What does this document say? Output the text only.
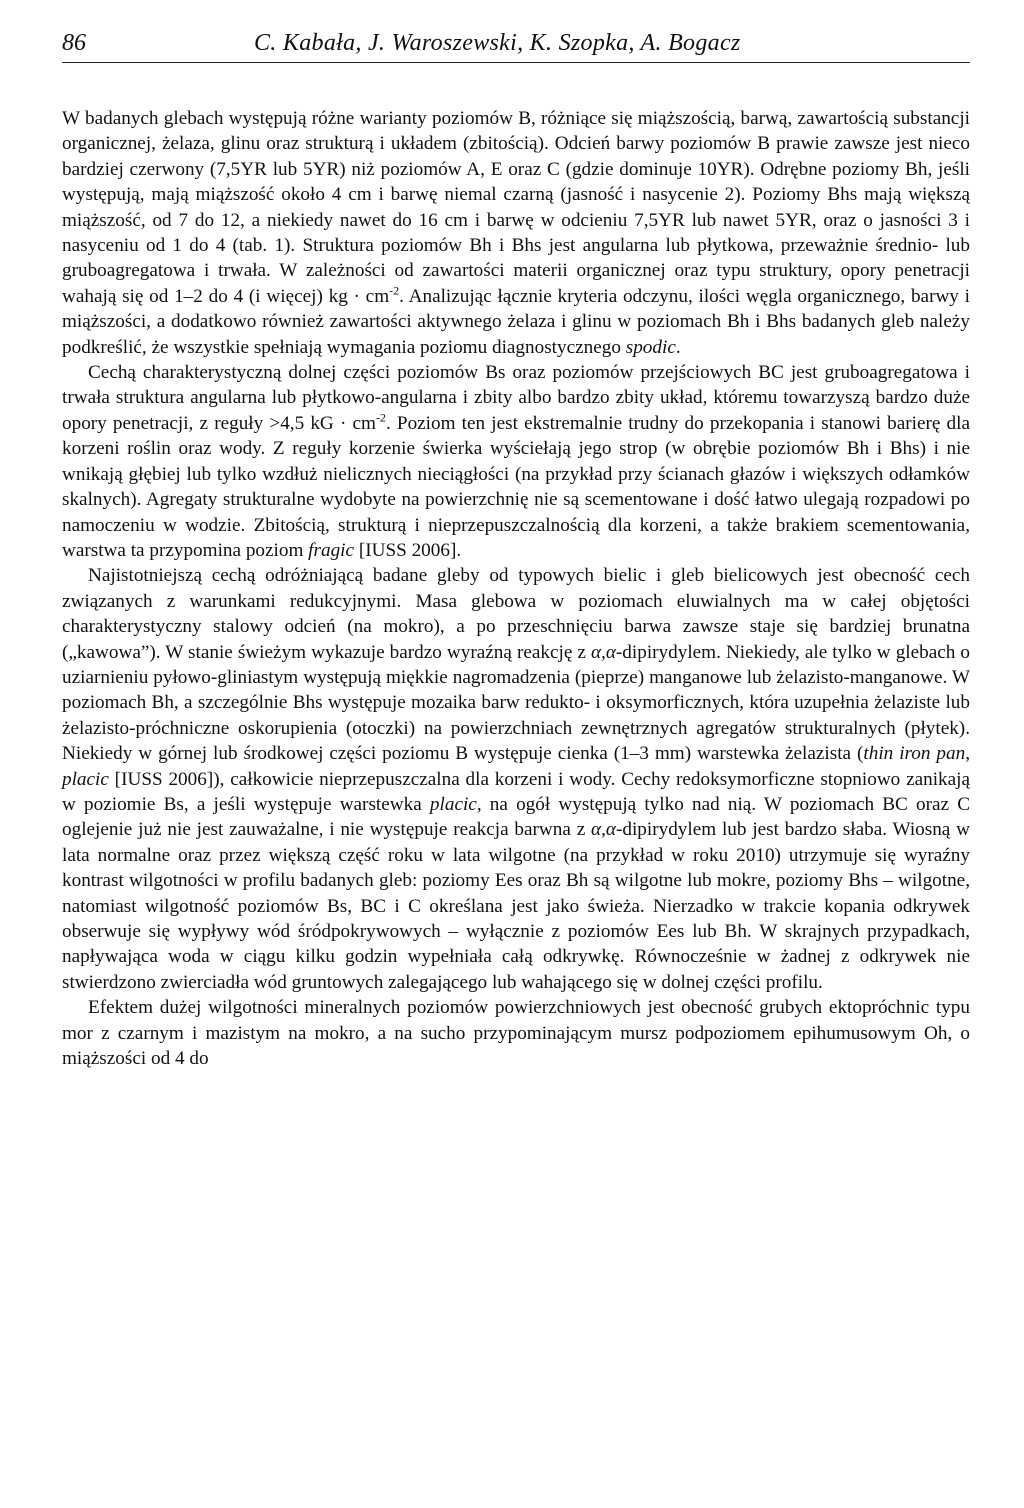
86	C. Kabała, J. Waroszewski, K. Szopka, A. Bogacz

W badanych glebach występują różne warianty poziomów B, różniące się miąższością, barwą, zawartością substancji organicznej, żelaza, glinu oraz strukturą i układem (zbitością). Odcień barwy poziomów B prawie zawsze jest nieco bardziej czerwony (7,5YR lub 5YR) niż poziomów A, E oraz C (gdzie dominuje 10YR). Odrębne poziomy Bh, jeśli występują, mają miąższość około 4 cm i barwę niemal czarną (jasność i nasycenie 2). Poziomy Bhs mają większą miąższość, od 7 do 12, a niekiedy nawet do 16 cm i barwę w odcieniu 7,5YR lub nawet 5YR, oraz o jasności 3 i nasyceniu od 1 do 4 (tab. 1). Struktura poziomów Bh i Bhs jest angularna lub płytkowa, przeważnie średnio- lub gruboagregatowa i trwała. W zależności od zawartości materii organicznej oraz typu struktury, opory penetracji wahają się od 1–2 do 4 (i więcej) kg · $cm^{-2}$. Analizując łącznie kryteria odczynu, ilości węgla organicznego, barwy i miąższości, a dodatkowo również zawartości aktywnego żelaza i glinu w poziomach Bh i Bhs badanych gleb należy podkreślić, że wszystkie spełniają wymagania poziomu diagnostycznego spodic.

Cechą charakterystyczną dolnej części poziomów Bs oraz poziomów przejściowych BC jest gruboagregatowa i trwała struktura angularna lub płytkowo-angularna i zbity albo bardzo zbity układ, któremu towarzyszą bardzo duże opory penetracji, z reguły >4,5 kG · $cm^{-2}$. Poziom ten jest ekstremalnie trudny do przekopania i stanowi barierę dla korzeni roślin oraz wody. Z reguły korzenie świerka wyściełają jego strop (w obrębie poziomów Bh i Bhs) i nie wnikają głębiej lub tylko wzdłuż nielicznych nieciągłości (na przykład przy ścianach głazów i większych odłamków skalnych). Agregaty strukturalne wydobyte na powierzchnię nie są scementowane i dość łatwo ulegają rozpadowi po namoczeniu w wodzie. Zbitością, strukturą i nieprzepuszczalnością dla korzeni, a także brakiem scementowania, warstwa ta przypomina poziom fragic [IUSS 2006].

Najistotniejszą cechą odróżniającą badane gleby od typowych bielic i gleb bielicowych jest obecność cech związanych z warunkami redukcyjnymi. Masa glebowa w poziomach eluwialnych ma w całej objętości charakterystyczny stalowy odcień (na mokro), a po przeschnięciu barwa zawsze staje się bardziej brunatna („kawowa”). W stanie świeżym wykazuje bardzo wyraźną reakcję z α,α-dipirydylem. Niekiedy, ale tylko w glebach o uziarnieniu pyłowo-gliniastym występują miękkie nagromadzenia (pieprze) manganowe lub żelazisto-manganowe. W poziomach Bh, a szczególnie Bhs występuje mozaika barw redukto- i oksymorficznych, która uzupełnia żelaziste lub żelazisto-próchniczne oskorupienia (otoczki) na powierzchniach zewnętrznych agregatów strukturalnych (płytek). Niekiedy w górnej lub środkowej części poziomu B występuje cienka (1–3 mm) warstewka żelazista (thin iron pan, placic [IUSS 2006]), całkowicie nieprzepuszczalna dla korzeni i wody. Cechy redoksymorficzne stopniowo zanikają w poziomie Bs, a jeśli występuje warstewka placic, na ogół występują tylko nad nią. W poziomach BC oraz C oglejenie już nie jest zauważalne, i nie występuje reakcja barwna z α,α-dipirydylem lub jest bardzo słaba. Wiosną w lata normalne oraz przez większą część roku w lata wilgotne (na przykład w roku 2010) utrzymuje się wyraźny kontrast wilgotności w profilu badanych gleb: poziomy Ees oraz Bh są wilgotne lub mokre, poziomy Bhs – wilgotne, natomiast wilgotność poziomów Bs, BC i C określana jest jako świeża. Nierzadko w trakcie kopania odkrywek obserwuje się wypływy wód śródpokrywowych – wyłącznie z poziomów Ees lub Bh. W skrajnych przypadkach, napływająca woda w ciągu kilku godzin wypełniała całą odkrywkę. Równocześnie w żadnej z odkrywek nie stwierdzono zwierciadła wód gruntowych zalegającego lub wahającego się w dolnej części profilu.

Efektem dużej wilgotności mineralnych poziomów powierzchniowych jest obecność grubych ektopróchnic typu mor z czarnym i mazistym na mokro, a na sucho przypominającym mursz podpoziomem epihumusowym Oh, o miąższości od 4 do
